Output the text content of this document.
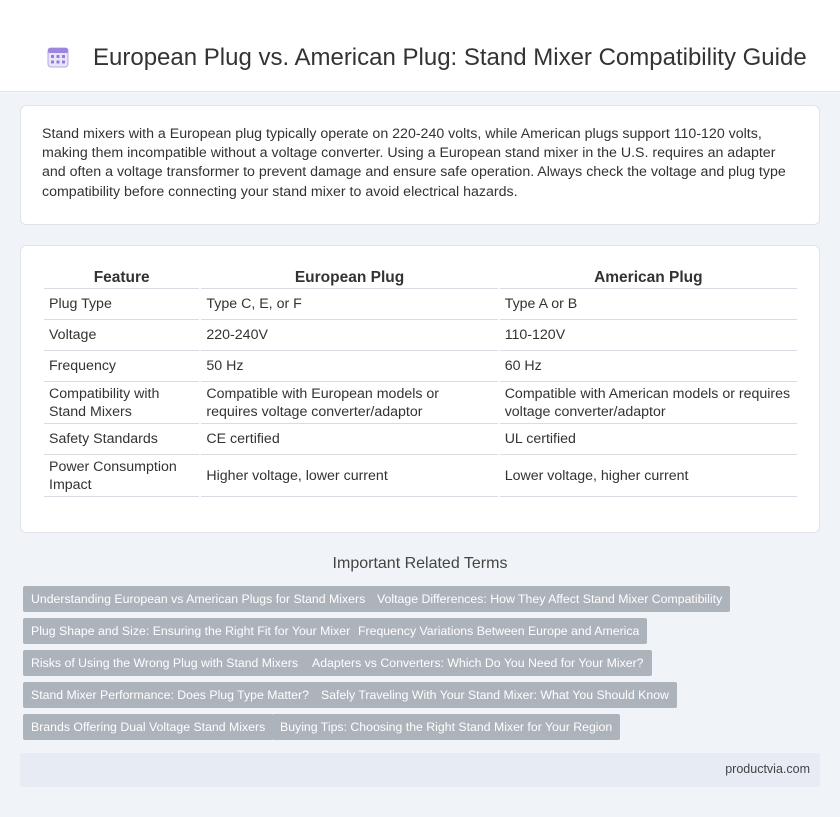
European Plug vs. American Plug: Stand Mixer Compatibility Guide

Stand mixers with a European plug typically operate on 220-240 volts, while American plugs support 110-120 volts, making them incompatible without a voltage converter. Using a European stand mixer in the U.S. requires an adapter and often a voltage transformer to prevent damage and ensure safe operation. Always check the voltage and plug type compatibility before connecting your stand mixer to avoid electrical hazards.

Feature	European Plug	American Plug
Plug Type	Type C, E, or F	Type A or B
Voltage	220-240V	110-120V
Frequency	50 Hz	60 Hz
Compatibility with Stand Mixers	Compatible with European models or requires voltage converter/adaptor	Compatible with American models or requires voltage converter/adaptor
Safety Standards	CE certified	UL certified
Power Consumption Impact	Higher voltage, lower current	Lower voltage, higher current
Important Related Terms
Understanding European vs American Plugs for Stand Mixers Voltage Differences: How They Affect Stand Mixer Compatibility
Plug Shape and Size: Ensuring the Right Fit for Your Mixer Frequency Variations Between Europe and America
Risks of Using the Wrong Plug with Stand Mixers	Adapters vs Converters: Which Do You Need for Your Mixer?
Stand Mixer Performance: Does Plug Type Matter? Safely Traveling With Your Stand Mixer: What You Should Know
Brands Offering Dual Voltage Stand Mixers	Buying Tips: Choosing the Right Stand Mixer for Your Region
productvia.com
